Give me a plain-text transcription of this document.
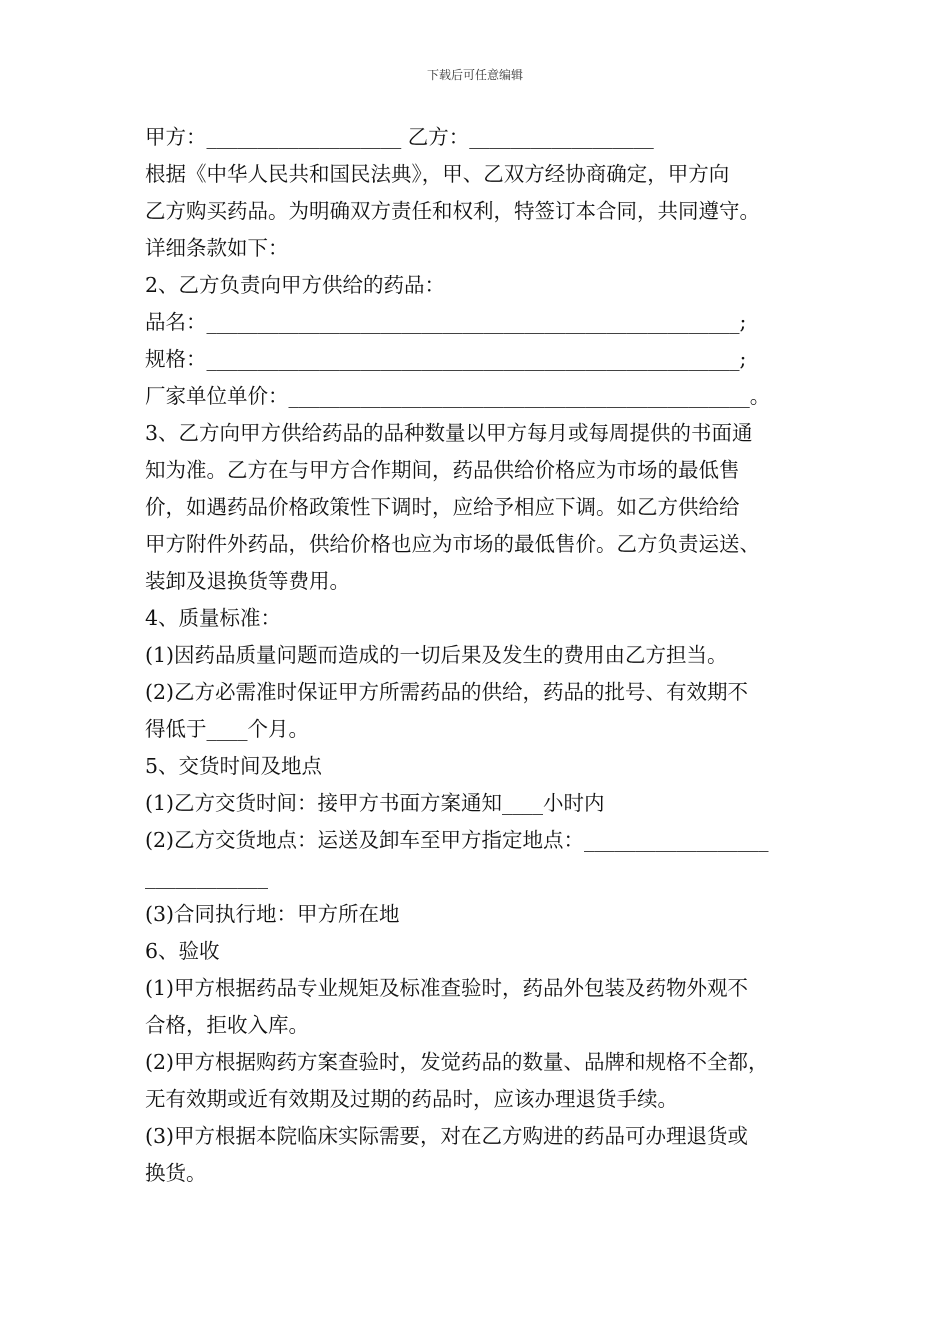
下载后可任意编辑
甲方：___________________ 乙方：__________________
根据《中华人民共和国民法典》，甲、乙双方经协商确定，甲方向
乙方购买药品。为明确双方责任和权利，特签订本合同，共同遵守。
详细条款如下：
2、乙方负责向甲方供给的药品：
品名：____________________________________________________;
规格：____________________________________________________;
厂家单位单价：_____________________________________________。
3、乙方向甲方供给药品的品种数量以甲方每月或每周提供的书面通
知为准。乙方在与甲方合作期间，药品供给价格应为市场的最低售
价，如遇药品价格政策性下调时，应给予相应下调。如乙方供给给
甲方附件外药品，供给价格也应为市场的最低售价。乙方负责运送、
装卸及退换货等费用。
4、质量标准：
(1)因药品质量问题而造成的一切后果及发生的费用由乙方担当。
(2)乙方必需准时保证甲方所需药品的供给，药品的批号、有效期不
得低于____个月。
5、交货时间及地点
(1)乙方交货时间：接甲方书面方案通知____小时内
(2)乙方交货地点：运送及卸车至甲方指定地点：__________________
____________
(3)合同执行地：甲方所在地
6、验收
(1)甲方根据药品专业规矩及标准查验时，药品外包装及药物外观不
合格，拒收入库。
(2)甲方根据购药方案查验时，发觉药品的数量、品牌和规格不全都，
无有效期或近有效期及过期的药品时，应该办理退货手续。
(3)甲方根据本院临床实际需要，对在乙方购进的药品可办理退货或
换货。
